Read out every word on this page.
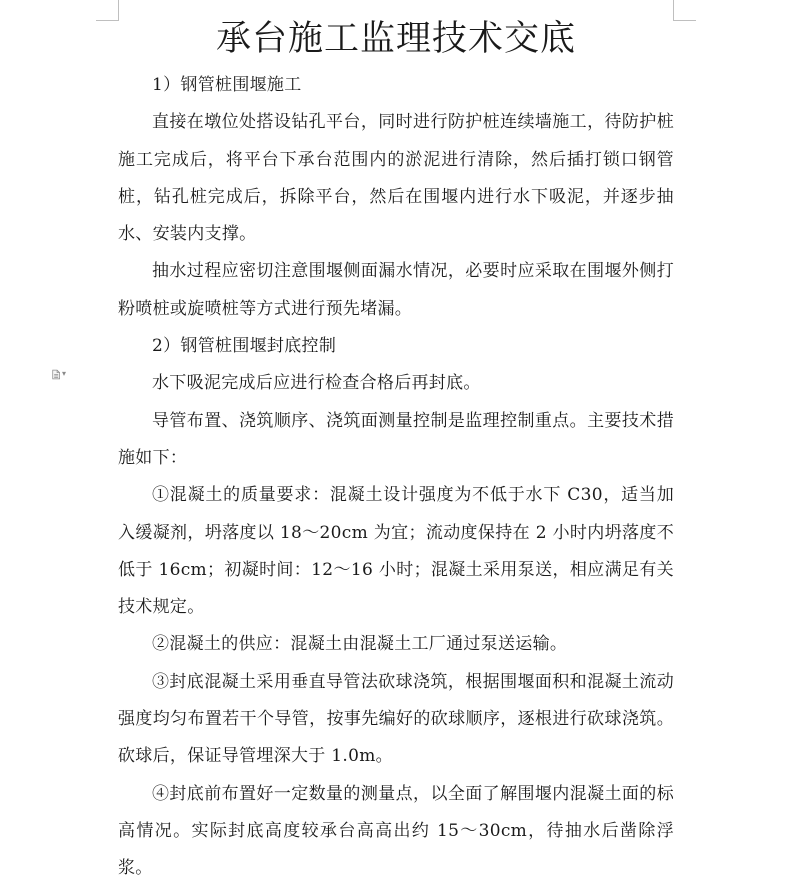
▾
承台施工监理技术交底

1）钢管桩围堰施工

直接在墩位处搭设钻孔平台，同时进行防护桩连续墙施工，待防护桩施工完成后，将平台下承台范围内的淤泥进行清除，然后插打锁口钢管桩，钻孔桩完成后，拆除平台，然后在围堰内进行水下吸泥，并逐步抽水、安装内支撑。

抽水过程应密切注意围堰侧面漏水情况，必要时应采取在围堰外侧打粉喷桩或旋喷桩等方式进行预先堵漏。

2）钢管桩围堰封底控制

水下吸泥完成后应进行检查合格后再封底。

导管布置、浇筑顺序、浇筑面测量控制是监理控制重点。主要技术措施如下：

①混凝土的质量要求：混凝土设计强度为不低于水下 C30，适当加入缓凝剂，坍落度以 18～20cm 为宜；流动度保持在 2 小时内坍落度不低于 16cm；初凝时间：12～16 小时；混凝土采用泵送，相应满足有关技术规定。

②混凝土的供应：混凝土由混凝土工厂通过泵送运输。

③封底混凝土采用垂直导管法砍球浇筑，根据围堰面积和混凝土流动强度均匀布置若干个导管，按事先编好的砍球顺序，逐根进行砍球浇筑。砍球后，保证导管埋深大于 1.0m。

④封底前布置好一定数量的测量点，以全面了解围堰内混凝土面的标高情况。实际封底高度较承台高高出约 15～30cm，待抽水后凿除浮浆。
